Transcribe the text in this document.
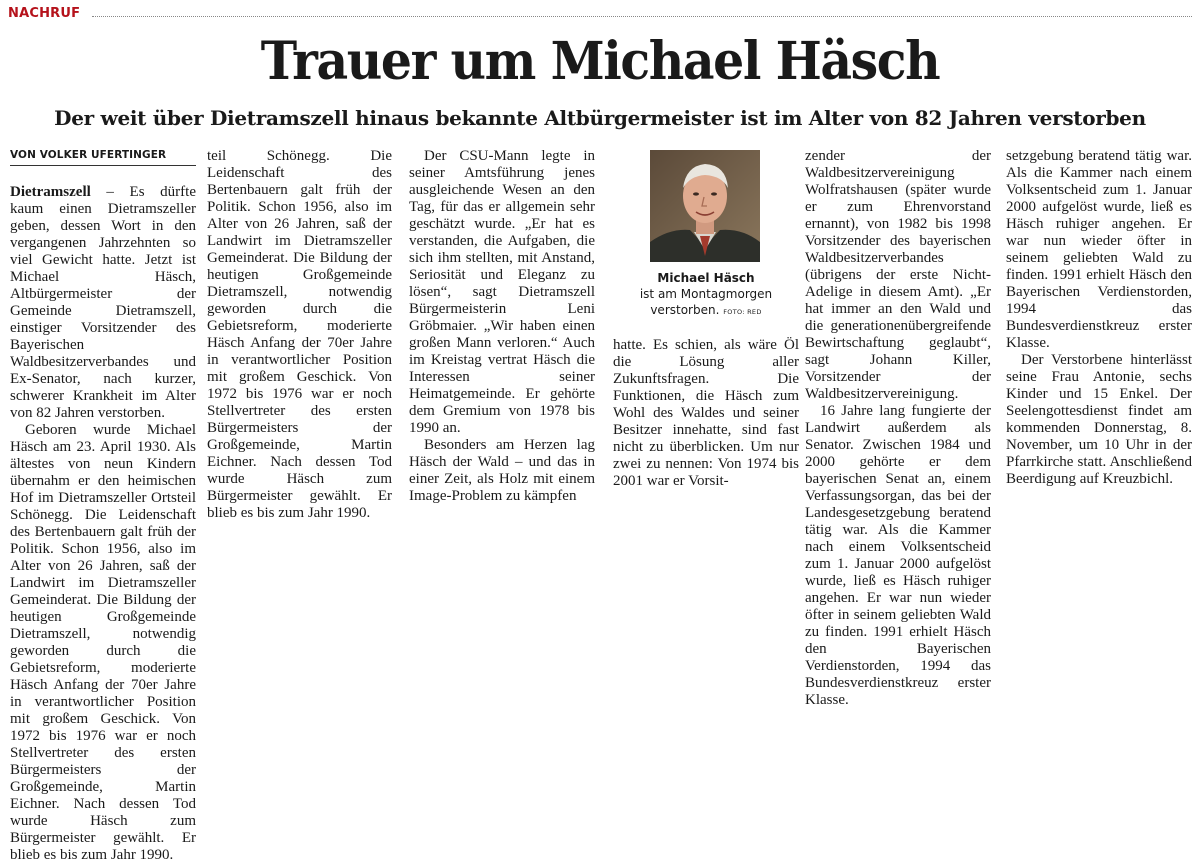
NACHRUF
Trauer um Michael Häsch
Der weit über Dietramszell hinaus bekannte Altbürgermeister ist im Alter von 82 Jahren verstorben
VON VOLKER UFERTINGER

Dietramszell – Es dürfte kaum einen Dietramszeller geben, dessen Wort in den vergangenen Jahrzehnten so viel Gewicht hatte. Jetzt ist Michael Häsch, Altbürgermeister der Gemeinde Dietramszell, einstiger Vorsitzender des Bayerischen Waldbesitzerverbandes und Ex-Senator, nach kurzer, schwerer Krankheit im Alter von 82 Jahren verstorben.

Geboren wurde Michael Häsch am 23. April 1930. Als ältestes von neun Kindern übernahm er den heimischen Hof im Dietramszeller Ortsteil Schönegg. Die Leidenschaft des Bertenbauern galt früh der Politik. Schon 1956, also im Alter von 26 Jahren, saß der Landwirt im Dietramszeller Gemeinderat. Die Bildung der heutigen Großgemeinde Dietramszell, notwendig geworden durch die Gebietsreform, moderierte Häsch Anfang der 70er Jahre in verantwortlicher Position mit großem Geschick. Von 1972 bis 1976 war er noch Stellvertreter des ersten Bürgermeisters der Großgemeinde, Martin Eichner. Nach dessen Tod wurde Häsch zum Bürgermeister gewählt. Er blieb es bis zum Jahr 1990.

teil Schönegg. Die Leidenschaft des Bertenbauern galt früh der Politik. Schon 1956, also im Alter von 26 Jahren, saß der Landwirt im Dietramszeller Gemeinderat. Die Bildung der heutigen Großgemeinde Dietramszell, notwendig geworden durch die Gebietsreform, moderierte Häsch Anfang der 70er Jahre in verantwortlicher Position mit großem Geschick. Von 1972 bis 1976 war er noch Stellvertreter des ersten Bürgermeisters der Großgemeinde, Martin Eichner. Nach dessen Tod wurde Häsch zum Bürgermeister gewählt. Er blieb es bis zum Jahr 1990.

Der CSU-Mann legte in seiner Amtsführung jenes ausgleichende Wesen an den Tag, für das er allgemein sehr geschätzt wurde. „Er hat es verstanden, die Aufgaben, die sich ihm stellten, mit Anstand, Seriosität und Eleganz zu lösen“, sagt Dietramszell Bürgermeisterin Leni Gröbmaier. „Wir haben einen großen Mann verloren.“ Auch im Kreistag vertrat Häsch die Interessen seiner Heimatgemeinde. Er gehörte dem Gremium von 1978 bis 1990 an.

Besonders am Herzen lag Häsch der Wald – und das in einer Zeit, als Holz mit einem Image-Problem zu kämpfen

Michael Häsch
ist am Montagmorgen
verstorben. FOTO: RED

hatte. Es schien, als wäre Öl die Lösung aller Zukunftsfragen. Die Funktionen, die Häsch zum Wohl des Waldes und seiner Besitzer innehatte, sind fast nicht zu überblicken. Um nur zwei zu nennen: Von 1974 bis 2001 war er Vorsit-

zender der Waldbesitzervereinigung Wolfratshausen (später wurde er zum Ehrenvorstand ernannt), von 1982 bis 1998 Vorsitzender des bayerischen Waldbesitzerverbandes (übrigens der erste Nicht-Adelige in diesem Amt). „Er hat immer an den Wald und die generationenübergreifende Bewirtschaftung geglaubt“, sagt Johann Killer, Vorsitzender der Waldbesitzervereinigung.

16 Jahre lang fungierte der Landwirt außerdem als Senator. Zwischen 1984 und 2000 gehörte er dem bayerischen Senat an, einem Verfassungsorgan, das bei der Landesgesetzgebung beratend tätig war. Als die Kammer nach einem Volksentscheid zum 1. Januar 2000 aufgelöst wurde, ließ es Häsch ruhiger angehen. Er war nun wieder öfter in seinem geliebten Wald zu finden. 1991 erhielt Häsch den Bayerischen Verdienstorden, 1994 das Bundesverdienstkreuz erster Klasse.

setzgebung beratend tätig war. Als die Kammer nach einem Volksentscheid zum 1. Januar 2000 aufgelöst wurde, ließ es Häsch ruhiger angehen. Er war nun wieder öfter in seinem geliebten Wald zu finden. 1991 erhielt Häsch den Bayerischen Verdienstorden, 1994 das Bundesverdienstkreuz erster Klasse.

Der Verstorbene hinterlässt seine Frau Antonie, sechs Kinder und 15 Enkel. Der Seelengottesdienst findet am kommenden Donnerstag, 8. November, um 10 Uhr in der Pfarrkirche statt. Anschließend Beerdigung auf Kreuzbichl.
